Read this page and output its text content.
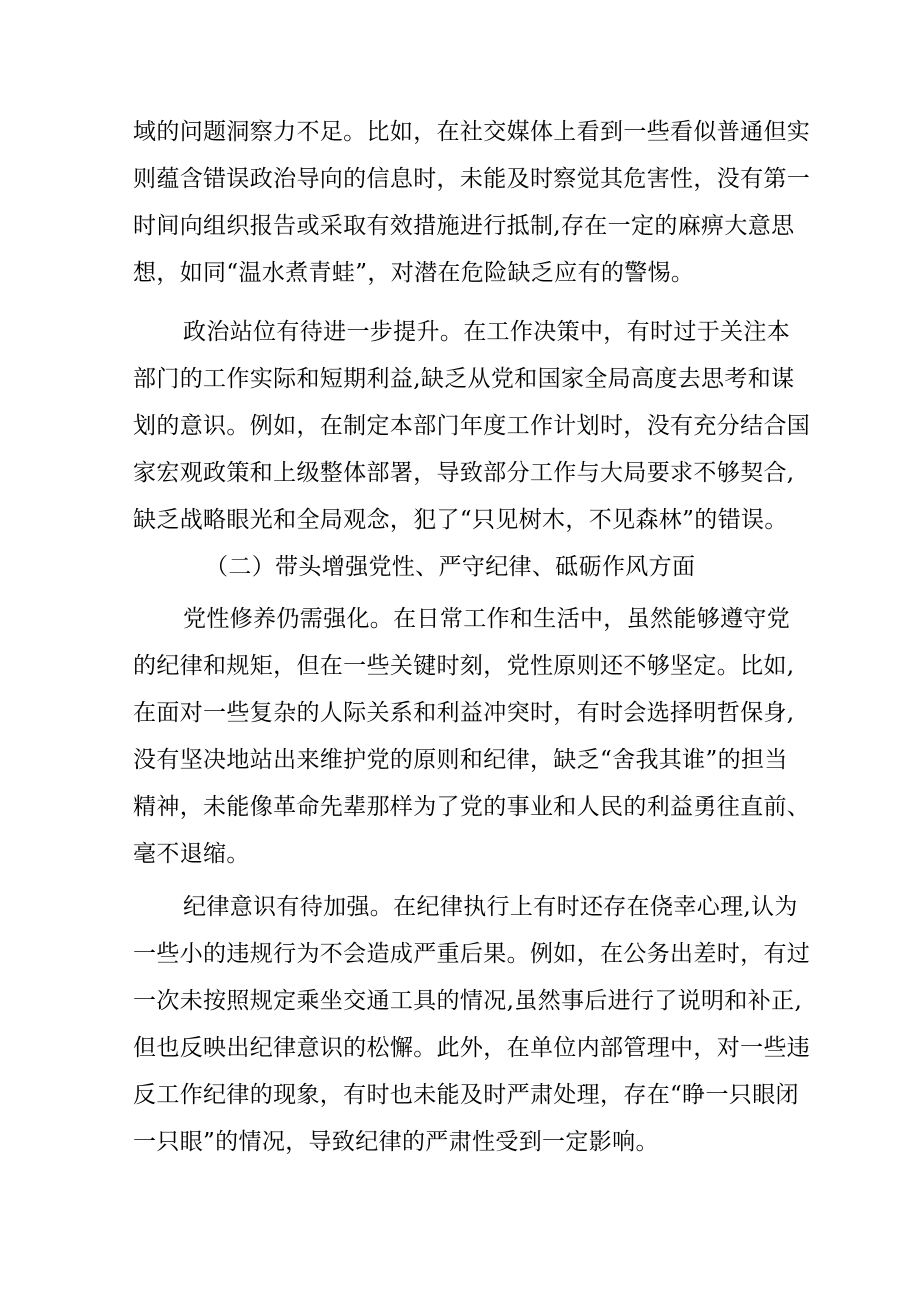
域的问题洞察力不足。比如，在社交媒体上看到一些看似普通但实
则蕴含错误政治导向的信息时，未能及时察觉其危害性，没有第一
时间向组织报告或采取有效措施进行抵制,存在一定的麻痹大意思
想，如同“温水煮青蛙”，对潜在危险缺乏应有的警惕。
政治站位有待进一步提升。在工作决策中，有时过于关注本
部门的工作实际和短期利益,缺乏从党和国家全局高度去思考和谋
划的意识。例如，在制定本部门年度工作计划时，没有充分结合国
家宏观政策和上级整体部署，导致部分工作与大局要求不够契合,
缺乏战略眼光和全局观念，犯了“只见树木，不见森林”的错误。
（二）带头增强党性、严守纪律、砥砺作风方面
党性修养仍需强化。在日常工作和生活中，虽然能够遵守党
的纪律和规矩，但在一些关键时刻，党性原则还不够坚定。比如,
在面对一些复杂的人际关系和利益冲突时，有时会选择明哲保身,
没有坚决地站出来维护党的原则和纪律，缺乏“舍我其谁”的担当
精神，未能像革命先辈那样为了党的事业和人民的利益勇往直前、
毫不退缩。
纪律意识有待加强。在纪律执行上有时还存在侥幸心理,认为
一些小的违规行为不会造成严重后果。例如，在公务出差时，有过
一次未按照规定乘坐交通工具的情况,虽然事后进行了说明和补正,
但也反映出纪律意识的松懈。此外，在单位内部管理中，对一些违
反工作纪律的现象，有时也未能及时严肃处理，存在“睁一只眼闭
一只眼”的情况，导致纪律的严肃性受到一定影响。
